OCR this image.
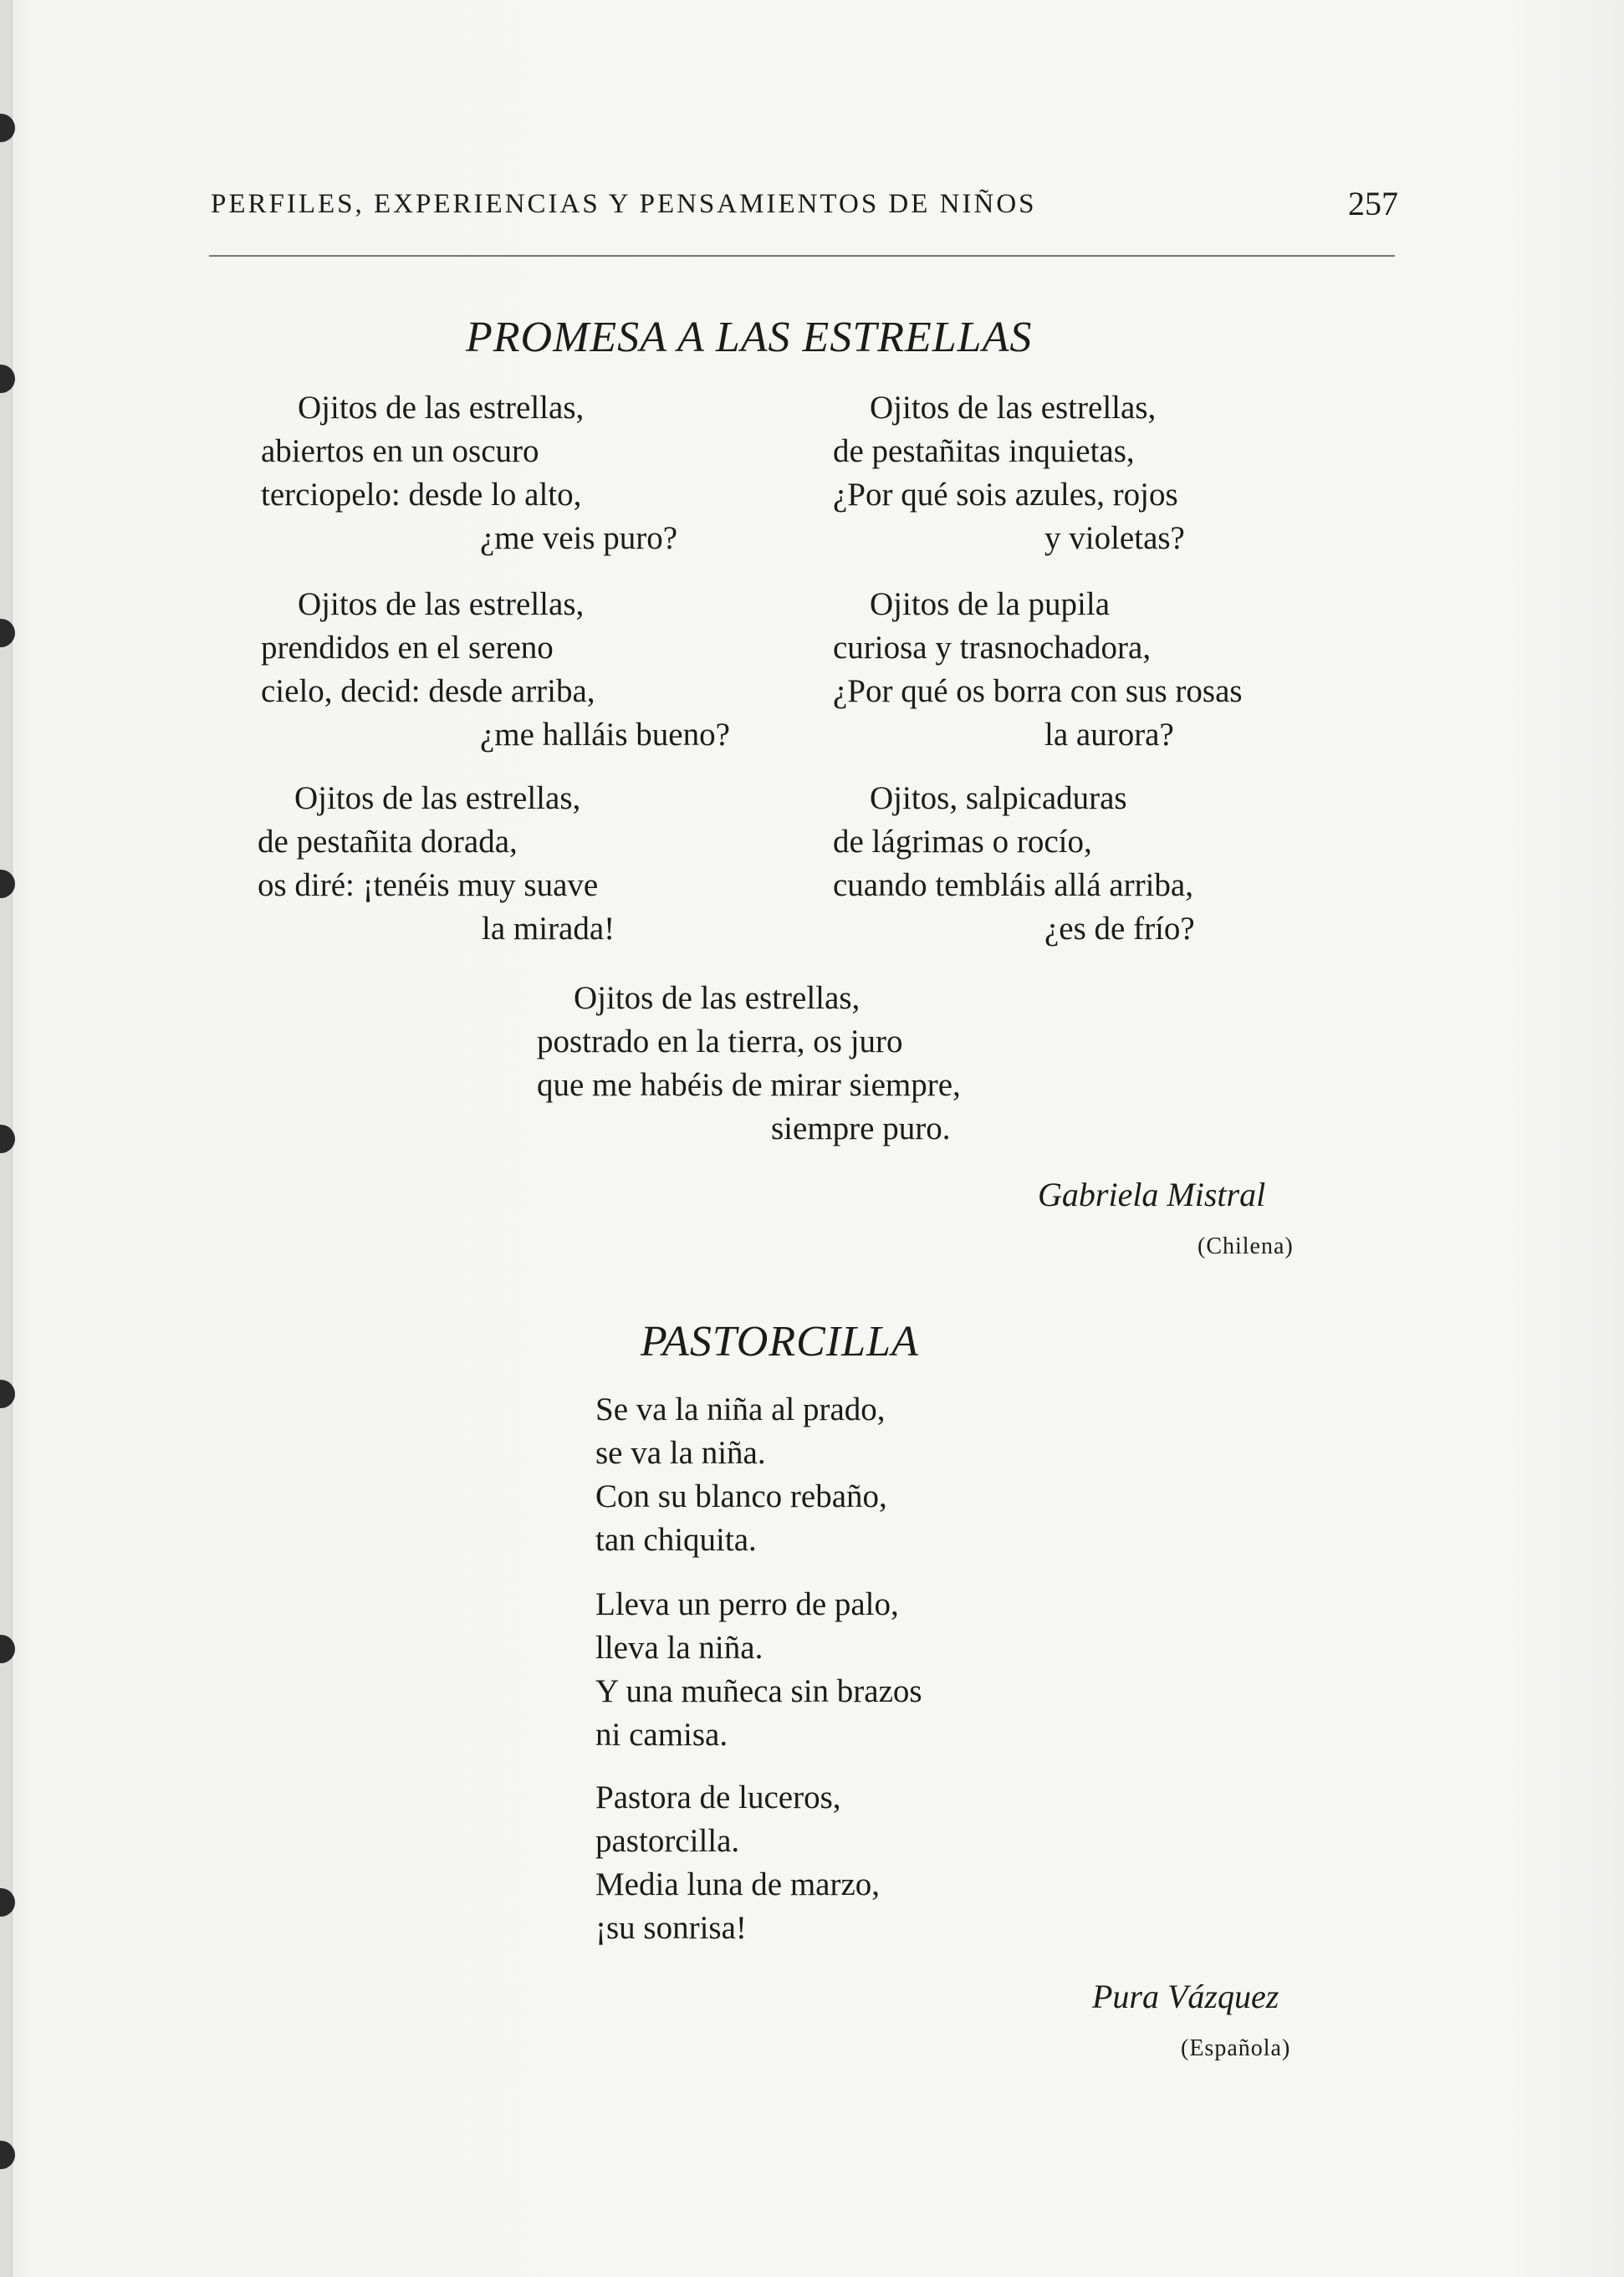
PERFILES, EXPERIENCIAS Y PENSAMIENTOS DE NIÑOS	257
PROMESA A LAS ESTRELLAS
Ojitos de las estrellas,
abiertos en un oscuro
terciopelo: desde lo alto,
¿me veis puro?
Ojitos de las estrellas,
prendidos en el sereno
cielo, decid: desde arriba,
¿me halláis bueno?
Ojitos de las estrellas,
de pestañita dorada,
os diré: ¡tenéis muy suave
la mirada!
Ojitos de las estrellas,
de pestañitas inquietas,
¿Por qué sois azules, rojos
y violetas?
Ojitos de la pupila
curiosa y trasnochadora,
¿Por qué os borra con sus rosas
la aurora?
Ojitos, salpicaduras
de lágrimas o rocío,
cuando tembláis allá arriba,
¿es de frío?
Ojitos de las estrellas,
postrado en la tierra, os juro
que me habéis de mirar siempre,
siempre puro.
Gabriela Mistral
(Chilena)
PASTORCILLA
Se va la niña al prado,
se va la niña.
Con su blanco rebaño,
tan chiquita.
Lleva un perro de palo,
lleva la niña.
Y una muñeca sin brazos
ni camisa.
Pastora de luceros,
pastorcilla.
Media luna de marzo,
¡su sonrisa!
Pura Vázquez
(Española)
